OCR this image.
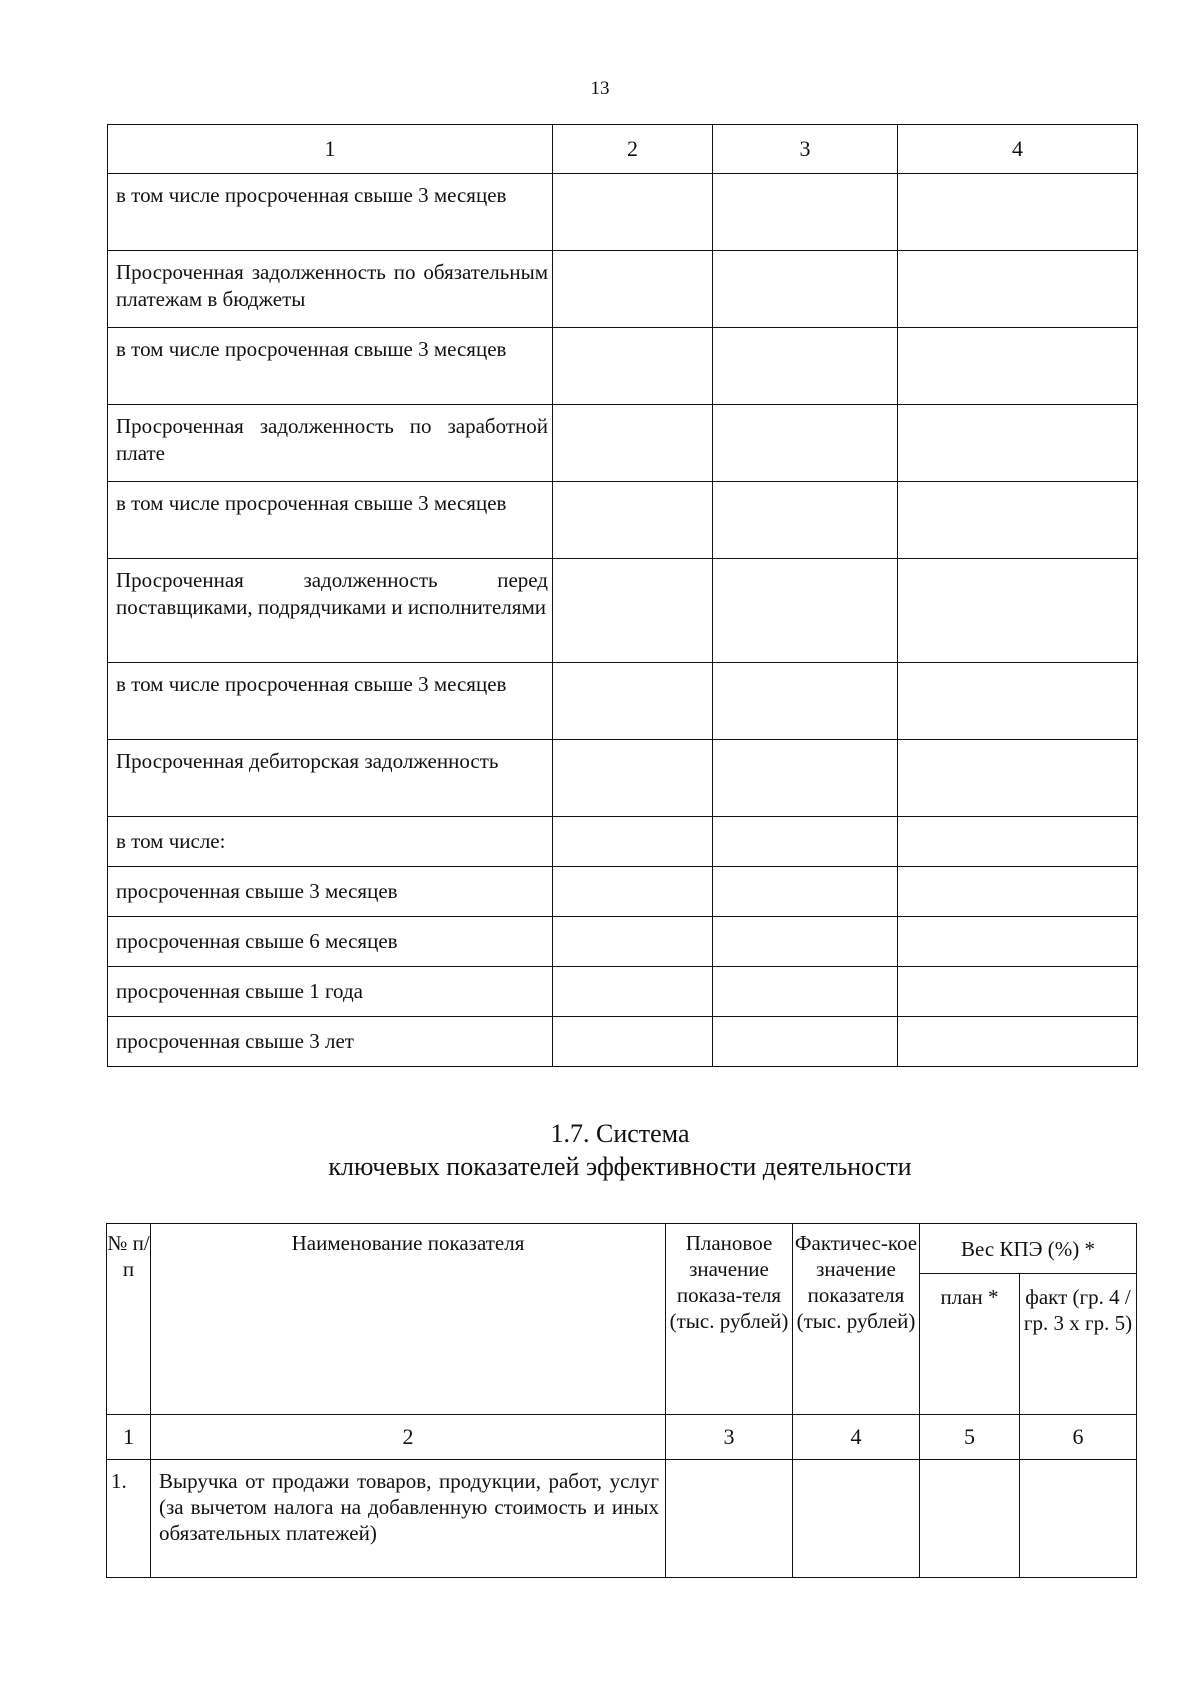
13
1	2	3	4
в том числе просроченная свыше 3 месяцев			
Просроченная задолженность по обязательным платежам в бюджеты			
в том числе просроченная свыше 3 месяцев			
Просроченная задолженность по заработной плате			
в том числе просроченная свыше 3 месяцев			
Просроченная задолженность перед поставщиками, подрядчиками и исполнителями			
в том числе просроченная свыше 3 месяцев			
Просроченная дебиторская задолженность			
в том числе:			
просроченная свыше 3 месяцев			
просроченная свыше 6 месяцев			
просроченная свыше 1 года			
просроченная свыше 3 лет			
1.7. Система
ключевых показателей эффективности деятельности
№ п/п	Наименование показателя	Плановое значение показа-теля (тыс. рублей)	Фактичес-кое значение показателя (тыс. рублей)	Вес КПЭ (%) *	
				план *	факт (гр. 4 / гр. 3 х гр. 5)
1	2	3	4	5	6
1.	Выручка от продажи товаров, продукции, работ, услуг (за вычетом налога на добавленную стоимость и иных обязательных платежей)				
